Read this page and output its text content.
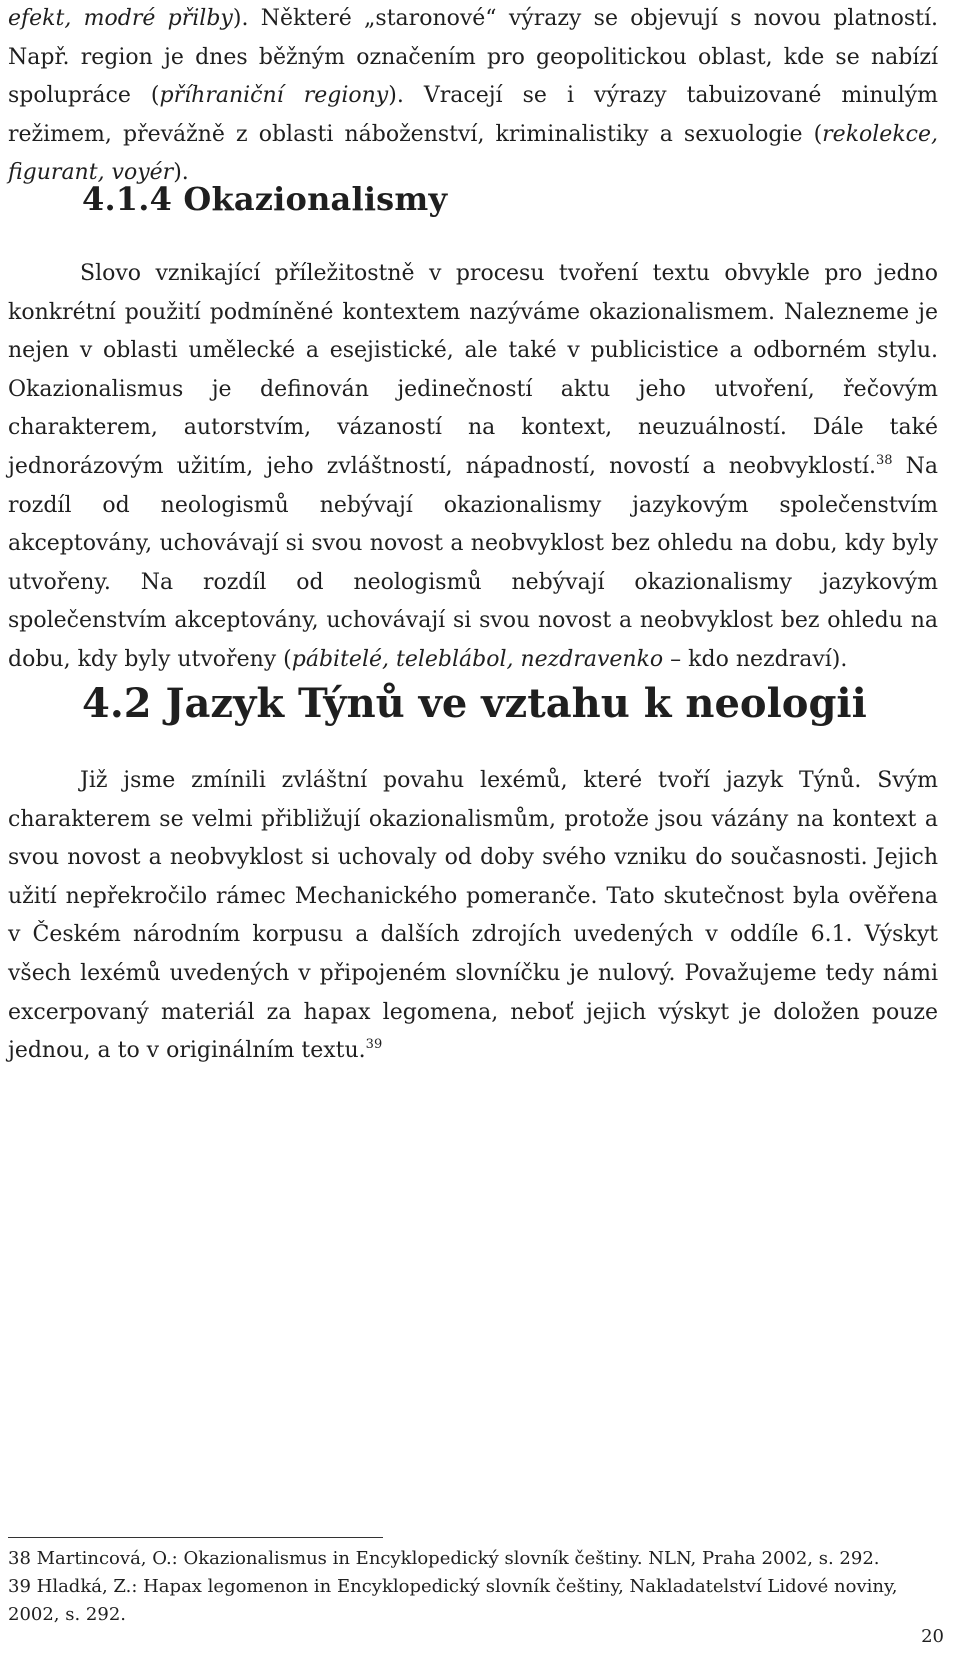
efekt, modré přilby). Některé „staronové“ výrazy se objevují s novou platností. Např. region je dnes běžným označením pro geopolitickou oblast, kde se nabízí spolupráce (příhraniční regiony). Vracejí se i výrazy tabuizované minulým režimem, převážně z oblasti náboženství, kriminalistiky a sexuologie (rekolekce, figurant, voyér).

4.1.4 Okazionalismy

Slovo vznikající příležitostně v procesu tvoření textu obvykle pro jedno konkrétní použití podmíněné kontextem nazýváme okazionalismem. Nalezneme je nejen v oblasti umělecké a esejistické, ale také v publicistice a odborném stylu. Okazionalismus je definován jedinečností aktu jeho utvoření, řečovým charakterem, autorstvím, vázaností na kontext, neuzuálností. Dále také jednorázovým užitím, jeho zvláštností, nápadností, novostí a neobvyklostí.$^{38}$ Na rozdíl od neologismů nebývají okazionalismy jazykovým společenstvím akceptovány, uchovávají si svou novost a neobvyklost bez ohledu na dobu, kdy byly utvořeny. Na rozdíl od neologismů nebývají okazionalismy jazykovým společenstvím akceptovány, uchovávají si svou novost a neobvyklost bez ohledu na dobu, kdy byly utvořeny (pábitelé, teleblábol, nezdravenko – kdo nezdraví).

4.2 Jazyk Týnů ve vztahu k neologii

Již jsme zmínili zvláštní povahu lexémů, které tvoří jazyk Týnů. Svým charakterem se velmi přibližují okazionalismům, protože jsou vázány na kontext a svou novost a neobvyklost si uchovaly od doby svého vzniku do současnosti. Jejich užití nepřekročilo rámec Mechanického pomeranče. Tato skutečnost byla ověřena v Českém národním korpusu a dalších zdrojích uvedených v oddíle 6.1. Výskyt všech lexémů uvedených v připojeném slovníčku je nulový. Považujeme tedy námi excerpovaný materiál za hapax legomena, neboť jejich výskyt je doložen pouze jednou, a to v originálním textu.$^{39}$

38 Martincová, O.: Okazionalismus in Encyklopedický slovník češtiny. NLN, Praha 2002, s. 292.

39 Hladká, Z.: Hapax legomenon in Encyklopedický slovník češtiny, Nakladatelství Lidové noviny, 2002, s. 292.

20
